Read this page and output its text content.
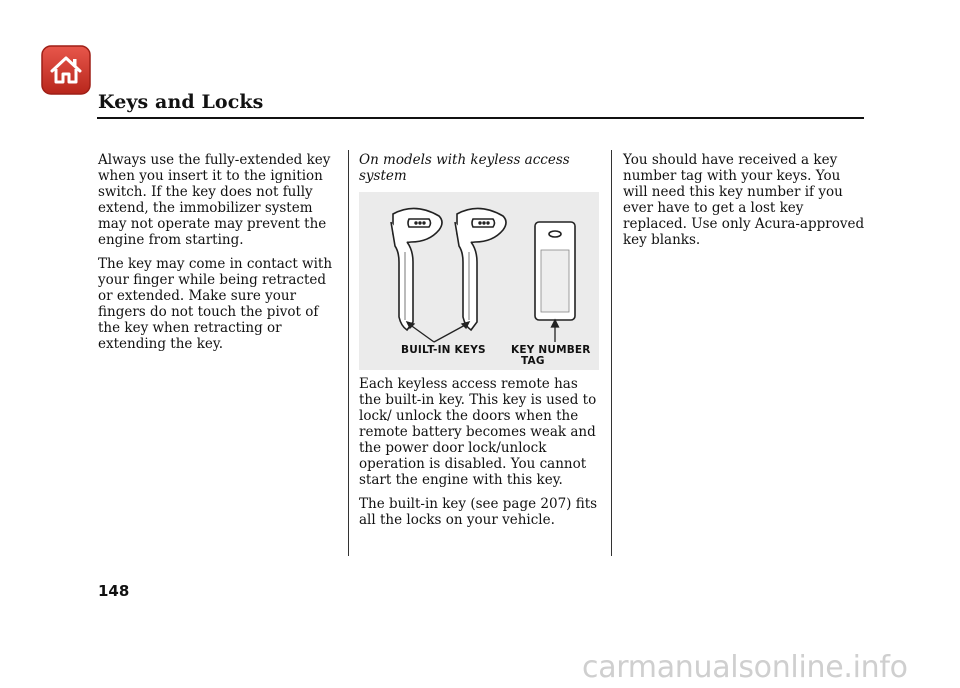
Keys and Locks

Always use the fully-extended key when you insert it to the ignition switch. If the key does not fully extend, the immobilizer system may not operate may prevent the engine from starting.

The key may come in contact with your finger while being retracted or extended. Make sure your fingers do not touch the pivot of the key when retracting or extending the key.

On models with keyless access system

BUILT-IN KEYS KEY NUMBER
TAG

Each keyless access remote has the built-in key. This key is used to lock/ unlock the doors when the remote battery becomes weak and the power door lock/unlock operation is disabled. You cannot start the engine with this key.

The built-in key (see page 207) fits all the locks on your vehicle.

You should have received a key number tag with your keys. You will need this key number if you ever have to get a lost key replaced. Use only Acura-approved key blanks.

148
carmanualsonline.info
